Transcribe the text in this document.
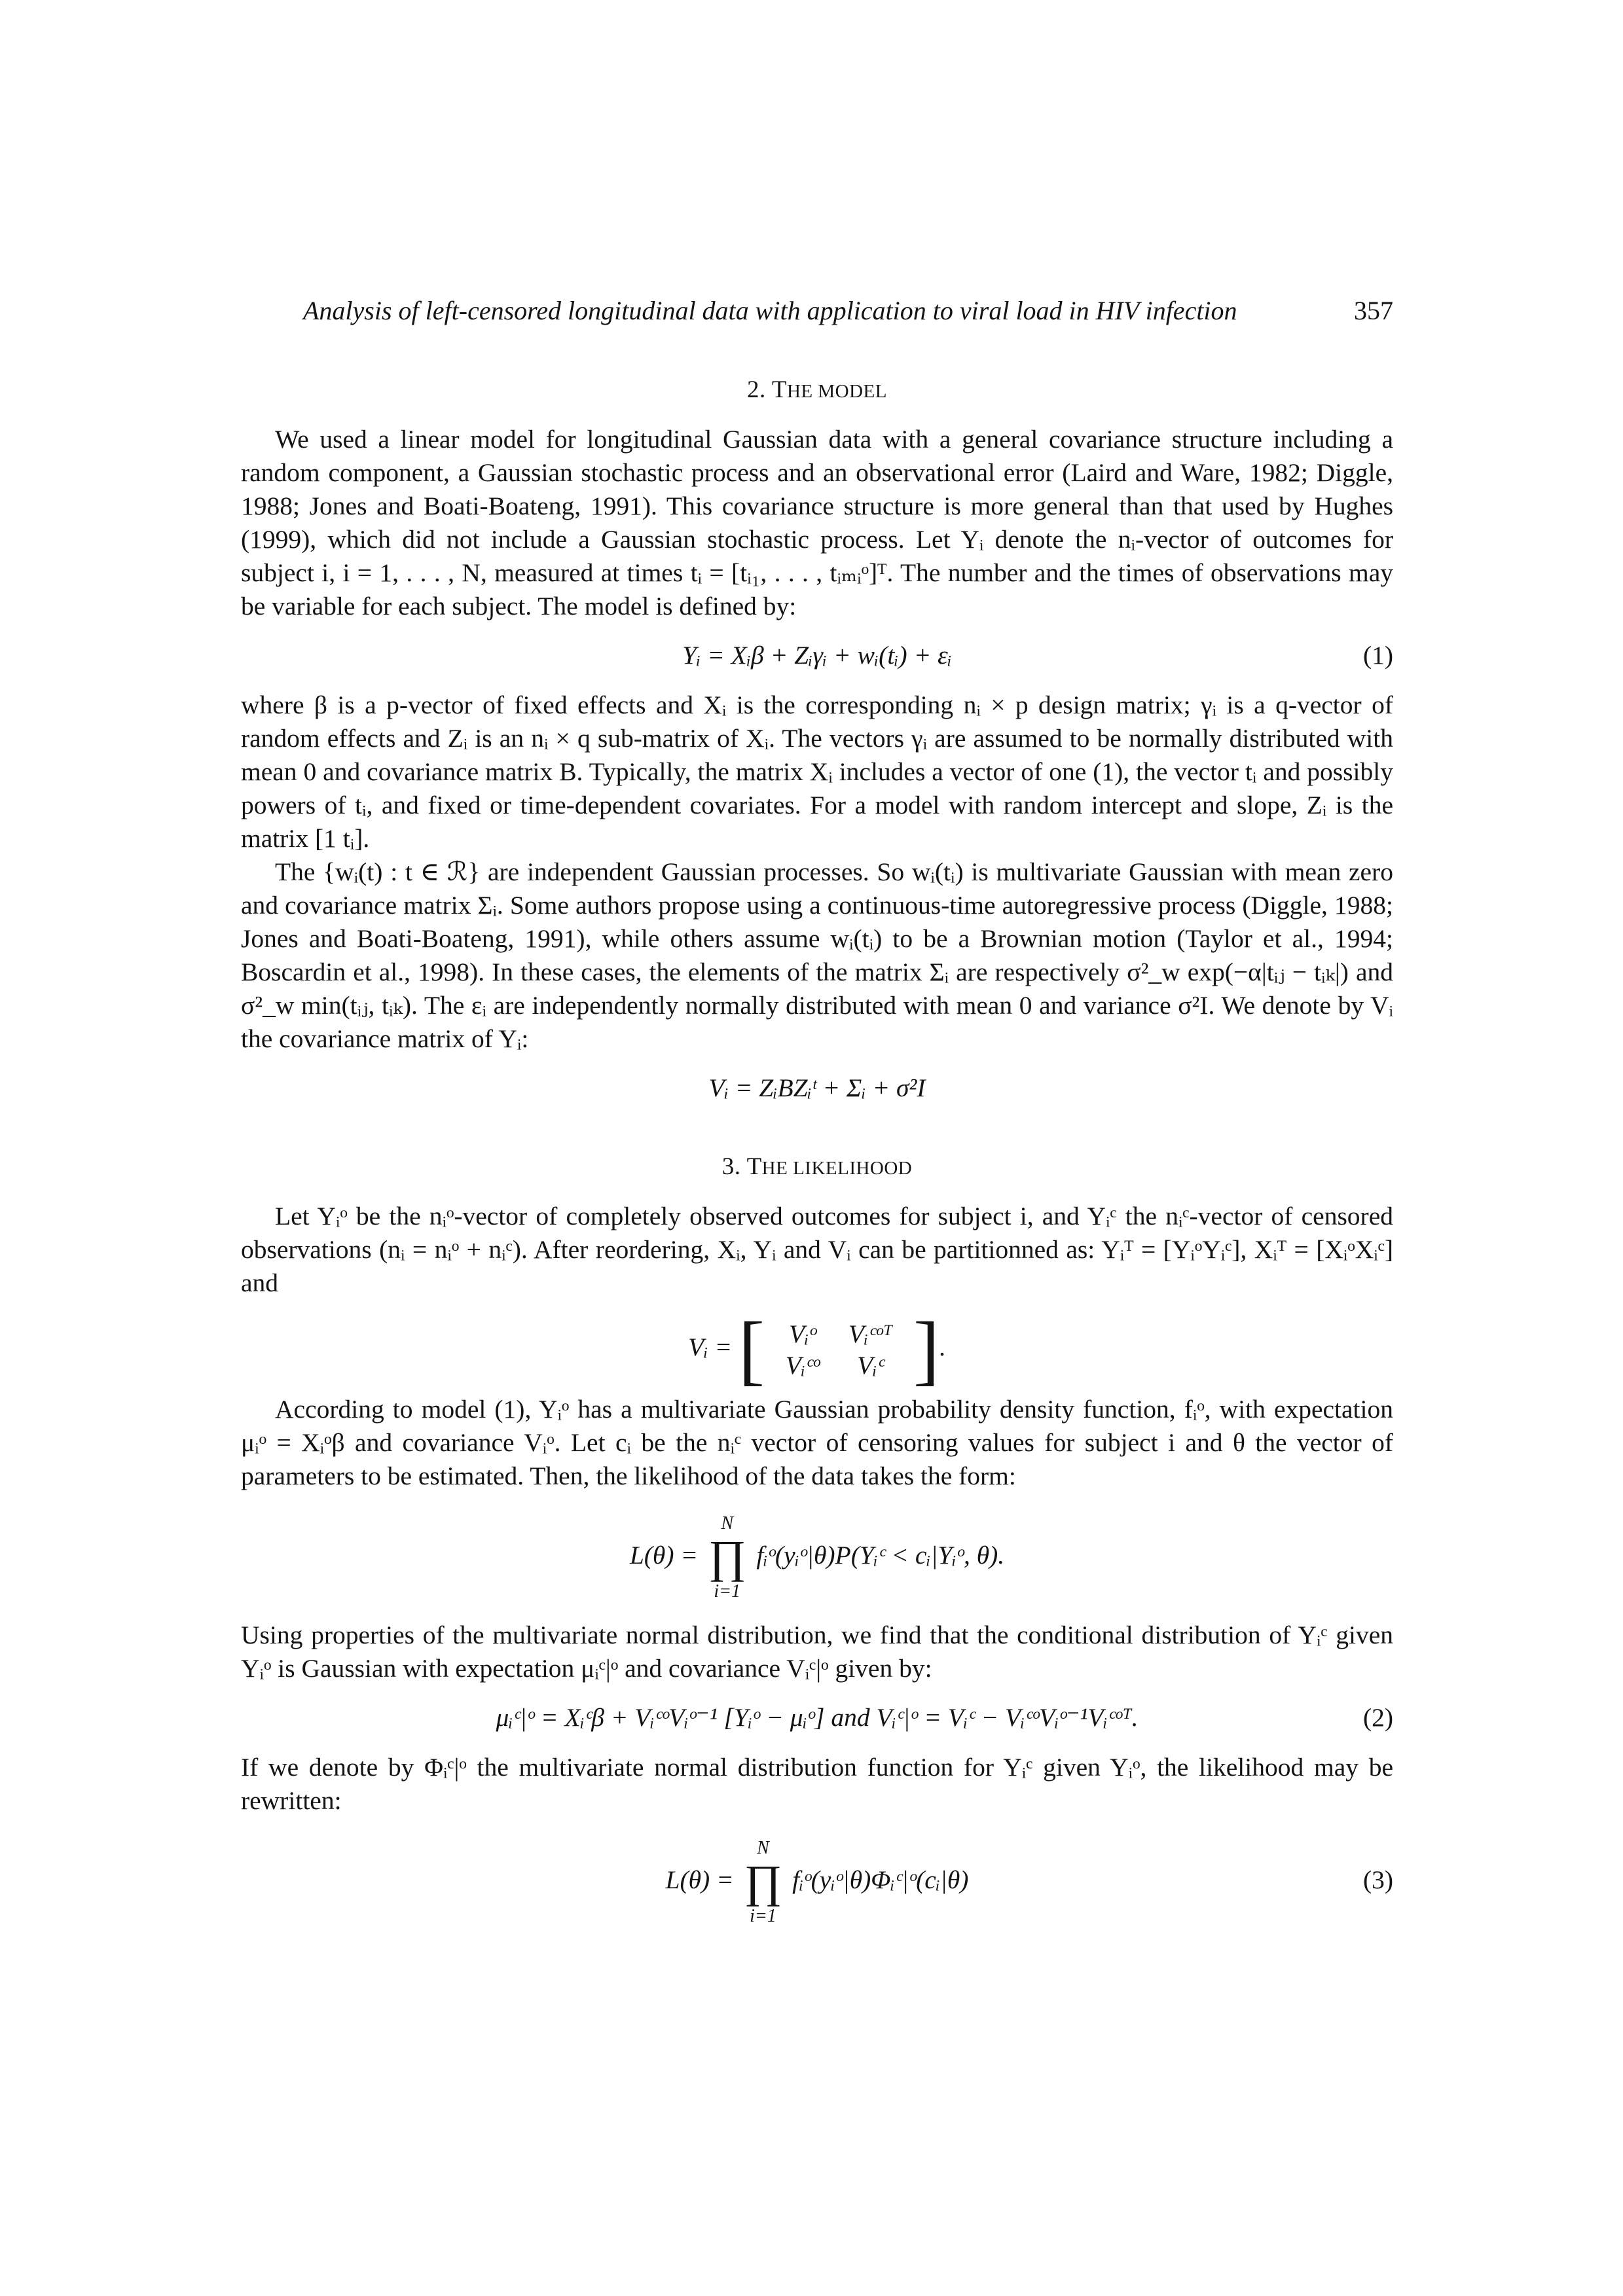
Analysis of left-censored longitudinal data with application to viral load in HIV infection	357
2. THE MODEL

We used a linear model for longitudinal Gaussian data with a general covariance structure including a random component, a Gaussian stochastic process and an observational error (Laird and Ware, 1982; Diggle, 1988; Jones and Boati-Boateng, 1991). This covariance structure is more general than that used by Hughes (1999), which did not include a Gaussian stochastic process. Let Yᵢ denote the nᵢ-vector of outcomes for subject i, i = 1, . . . , N, measured at times tᵢ = [tᵢ₁, . . . , tᵢₘᵢᵒ]ᵀ. The number and the times of observations may be variable for each subject. The model is defined by:

Yᵢ = Xᵢβ + Zᵢγᵢ + wᵢ(tᵢ) + εᵢ	(1)

where β is a p-vector of fixed effects and Xᵢ is the corresponding nᵢ × p design matrix; γᵢ is a q-vector of random effects and Zᵢ is an nᵢ × q sub-matrix of Xᵢ. The vectors γᵢ are assumed to be normally distributed with mean 0 and covariance matrix B. Typically, the matrix Xᵢ includes a vector of one (1), the vector tᵢ and possibly powers of tᵢ, and fixed or time-dependent covariates. For a model with random intercept and slope, Zᵢ is the matrix [1 tᵢ].

The {wᵢ(t) : t ∈ ℛ} are independent Gaussian processes. So wᵢ(tᵢ) is multivariate Gaussian with mean zero and covariance matrix Σᵢ. Some authors propose using a continuous-time autoregressive process (Diggle, 1988; Jones and Boati-Boateng, 1991), while others assume wᵢ(tᵢ) to be a Brownian motion (Taylor et al., 1994; Boscardin et al., 1998). In these cases, the elements of the matrix Σᵢ are respectively σ²_w exp(−α|tᵢⱼ − tᵢₖ|) and σ²_w min(tᵢⱼ, tᵢₖ). The εᵢ are independently normally distributed with mean 0 and variance σ²I. We denote by Vᵢ the covariance matrix of Yᵢ:

Vᵢ = ZᵢBZᵢᵗ + Σᵢ + σ²I
3. THE LIKELIHOOD

Let Yᵢᵒ be the nᵢᵒ-vector of completely observed outcomes for subject i, and Yᵢᶜ the nᵢᶜ-vector of censored observations (nᵢ = nᵢᵒ + nᵢᶜ). After reordering, Xᵢ, Yᵢ and Vᵢ can be partitionned as: Yᵢᵀ = [YᵢᵒYᵢᶜ], Xᵢᵀ = [XᵢᵒXᵢᶜ] and

Vᵢ = [ Vᵢᵒ	Vᵢᶜᵒᵀ
Vᵢᶜᵒ	Vᵢᶜ ].

According to model (1), Yᵢᵒ has a multivariate Gaussian probability density function, fᵢᵒ, with expectation μᵢᵒ = Xᵢᵒβ and covariance Vᵢᵒ. Let cᵢ be the nᵢᶜ vector of censoring values for subject i and θ the vector of parameters to be estimated. Then, the likelihood of the data takes the form:

L(θ) =
N
∏
i=1
fᵢᵒ(yᵢᵒ|θ)P(Yᵢᶜ < cᵢ|Yᵢᵒ, θ).

Using properties of the multivariate normal distribution, we find that the conditional distribution of Yᵢᶜ given Yᵢᵒ is Gaussian with expectation μᵢᶜ|ᵒ and covariance Vᵢᶜ|ᵒ given by:

μᵢᶜ|ᵒ = Xᵢᶜβ + VᵢᶜᵒVᵢᵒ⁻¹ [Yᵢᵒ − μᵢᵒ] and Vᵢᶜ|ᵒ = Vᵢᶜ − VᵢᶜᵒVᵢᵒ⁻¹Vᵢᶜᵒᵀ.	(2)

If we denote by Φᵢᶜ|ᵒ the multivariate normal distribution function for Yᵢᶜ given Yᵢᵒ, the likelihood may be rewritten:

L(θ) =
N
∏
i=1
fᵢᵒ(yᵢᵒ|θ)Φᵢᶜ|ᵒ(cᵢ|θ)	(3)
